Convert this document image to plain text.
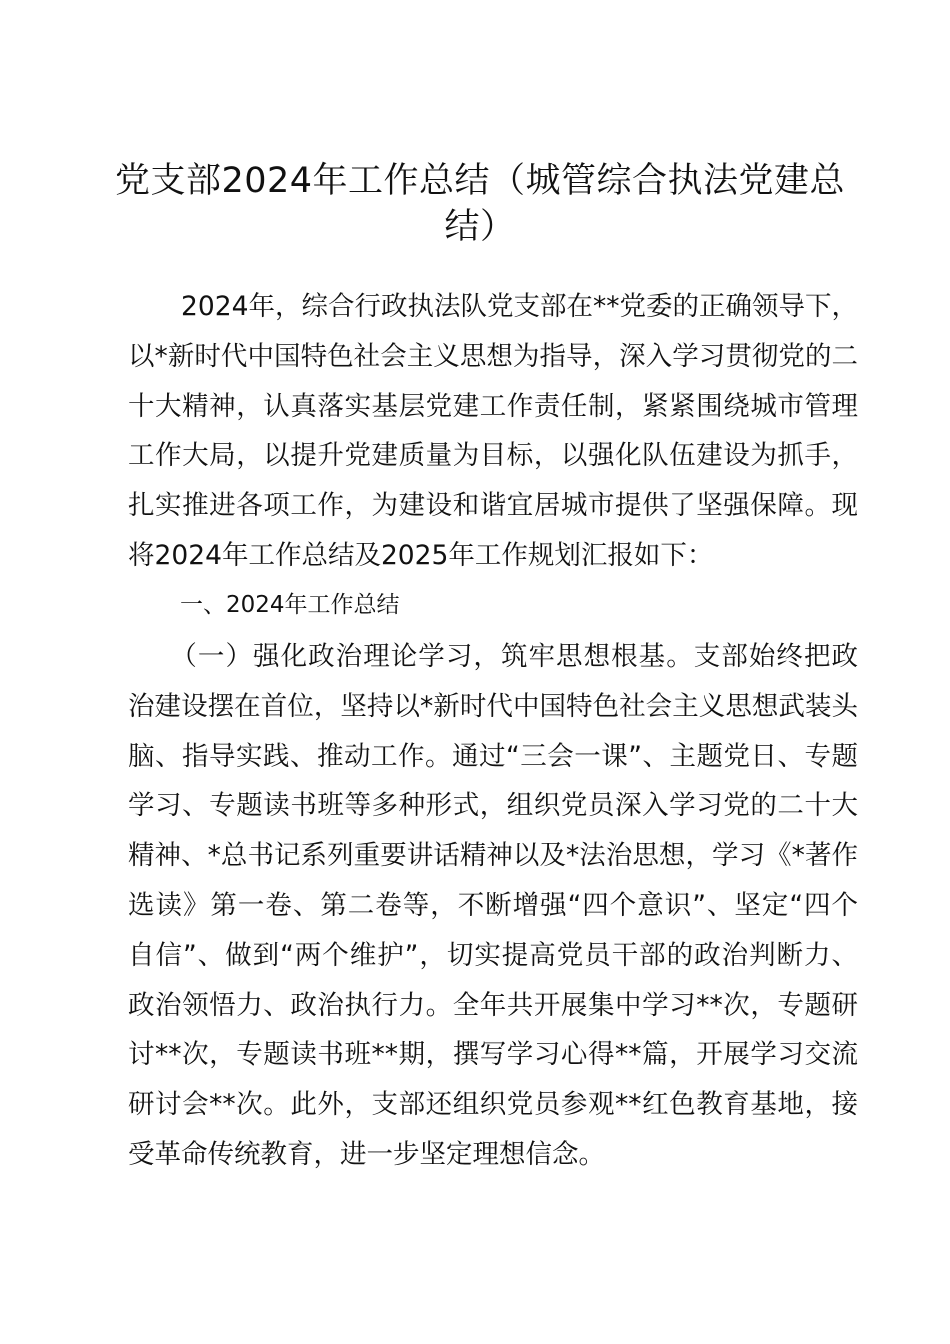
党支部2024年工作总结（城管综合执法党建总结）

2024年，综合行政执法队党支部在**党委的正确领导下，以*新时代中国特色社会主义思想为指导，深入学习贯彻党的二十大精神，认真落实基层党建工作责任制，紧紧围绕城市管理工作大局，以提升党建质量为目标，以强化队伍建设为抓手，扎实推进各项工作，为建设和谐宜居城市提供了坚强保障。现将2024年工作总结及2025年工作规划汇报如下：

一、2024年工作总结

（一）强化政治理论学习，筑牢思想根基。支部始终把政治建设摆在首位，坚持以*新时代中国特色社会主义思想武装头脑、指导实践、推动工作。通过“三会一课”、主题党日、专题学习、专题读书班等多种形式，组织党员深入学习党的二十大精神、*总书记系列重要讲话精神以及*法治思想，学习《*著作选读》第一卷、第二卷等，不断增强“四个意识”、坚定“四个自信”、做到“两个维护”，切实提高党员干部的政治判断力、政治领悟力、政治执行力。全年共开展集中学习**次，专题研讨**次，专题读书班**期，撰写学习心得**篇，开展学习交流研讨会**次。此外，支部还组织党员参观**红色教育基地，接受革命传统教育，进一步坚定理想信念。
